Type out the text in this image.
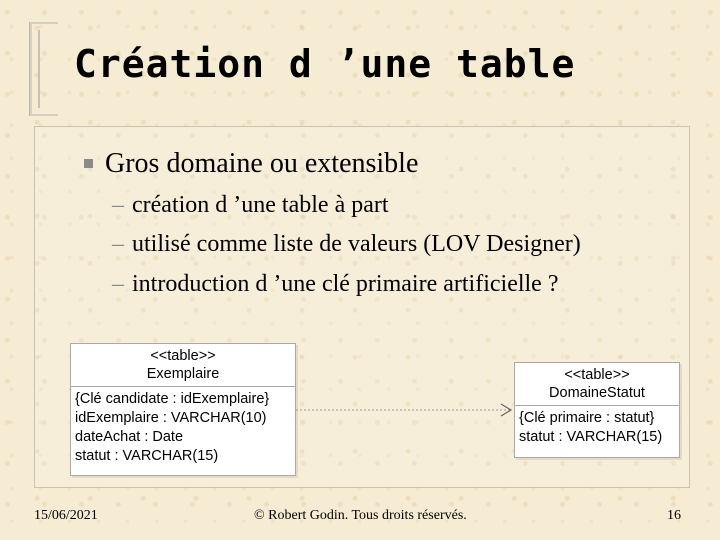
Création d ’une table
Gros domaine ou extensible
– création d ’une table à part
– utilisé comme liste de valeurs (LOV Designer)
– introduction d ’une clé primaire artificielle ?
<<table>>
Exemplaire
{Clé candidate : idExemplaire}
idExemplaire : VARCHAR(10)
dateAchat : Date
statut : VARCHAR(15)
<<table>>
DomaineStatut
{Clé primaire : statut}
statut : VARCHAR(15)
15/06/2021	© Robert Godin. Tous droits réservés.	16
